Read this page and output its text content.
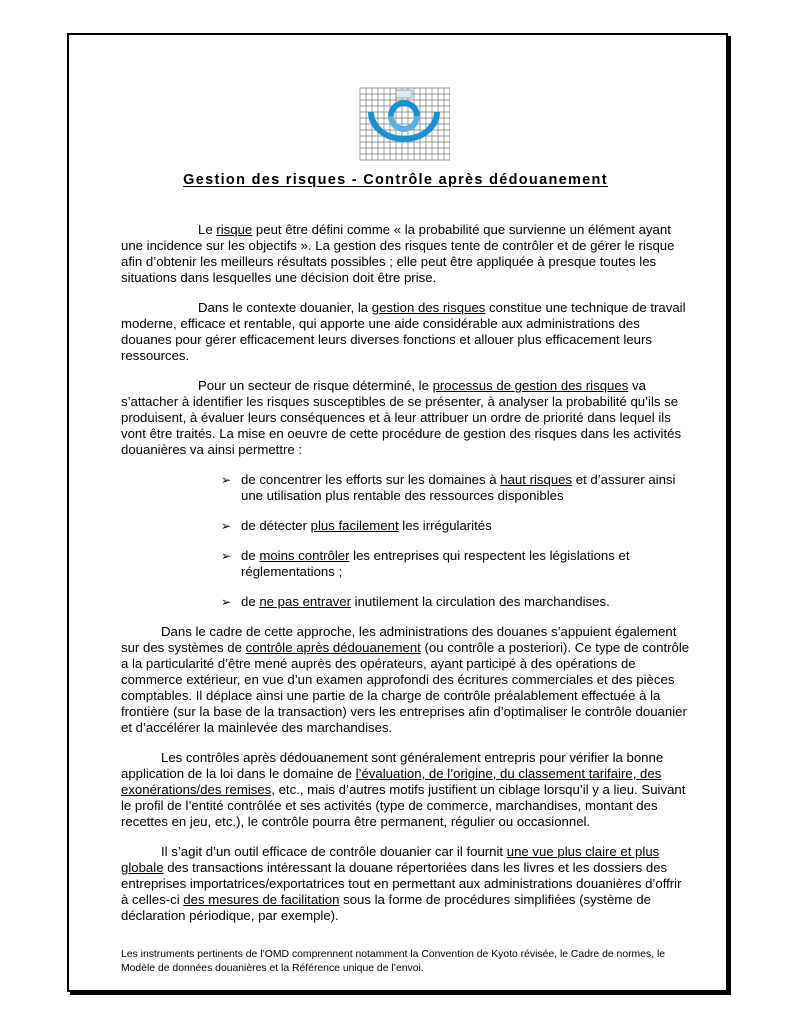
Gestion des risques - Contrôle après dédouanement

Le risque peut être défini comme « la probabilité que survienne un élément ayant une incidence sur les objectifs ». La gestion des risques tente de contrôler et de gérer le risque afin d’obtenir les meilleurs résultats possibles ; elle peut être appliquée à presque toutes les situations dans lesquelles une décision doit être prise.

Dans le contexte douanier, la gestion des risques constitue une technique de travail moderne, efficace et rentable, qui apporte une aide considérable aux administrations des douanes pour gérer efficacement leurs diverses fonctions et allouer plus efficacement leurs ressources.

Pour un secteur de risque déterminé, le processus de gestion des risques va s’attacher à identifier les risques susceptibles de se présenter, à analyser la probabilité qu’ils se produisent, à évaluer leurs conséquences et à leur attribuer un ordre de priorité dans lequel ils vont être traités. La mise en oeuvre de cette procédure de gestion des risques dans les activités douanières va ainsi permettre :

➢ de concentrer les efforts sur les domaines à haut risques et d’assurer ainsi une utilisation plus rentable des ressources disponibles
➢ de détecter plus facilement les irrégularités
➢ de moins contrôler les entreprises qui respectent les législations et réglementations ;
➢ de ne pas entraver inutilement la circulation des marchandises.

Dans le cadre de cette approche, les administrations des douanes s’appuient également sur des systèmes de contrôle après dédouanement (ou contrôle a posteriori). Ce type de contrôle a la particularité d’être mené auprès des opérateurs, ayant participé à des opérations de commerce extérieur, en vue d’un examen approfondi des écritures commerciales et des pièces comptables. Il déplace ainsi une partie de la charge de contrôle préalablement effectuée à la frontière (sur la base de la transaction) vers les entreprises afin d’optimaliser le contrôle douanier et d’accélérer la mainlevée des marchandises.

Les contrôles après dédouanement sont généralement entrepris pour vérifier la bonne application de la loi dans le domaine de l’évaluation, de l’origine, du classement tarifaire, des exonérations/des remises, etc., mais d’autres motifs justifient un ciblage lorsqu’il y a lieu. Suivant le profil de l’entité contrôlée et ses activités (type de commerce, marchandises, montant des recettes en jeu, etc.), le contrôle pourra être permanent, régulier ou occasionnel.

Il s’agit d’un outil efficace de contrôle douanier car il fournit une vue plus claire et plus globale des transactions intéressant la douane répertoriées dans les livres et les dossiers des entreprises importatrices/exportatrices tout en permettant aux administrations douanières d’offrir à celles-ci des mesures de facilitation sous la forme de procédures simplifiées (système de déclaration périodique, par exemple).

Les instruments pertinents de l’OMD comprennent notamment la Convention de Kyoto révisée, le Cadre de normes, le Modèle de données douanières et la Référence unique de l’envoi.
